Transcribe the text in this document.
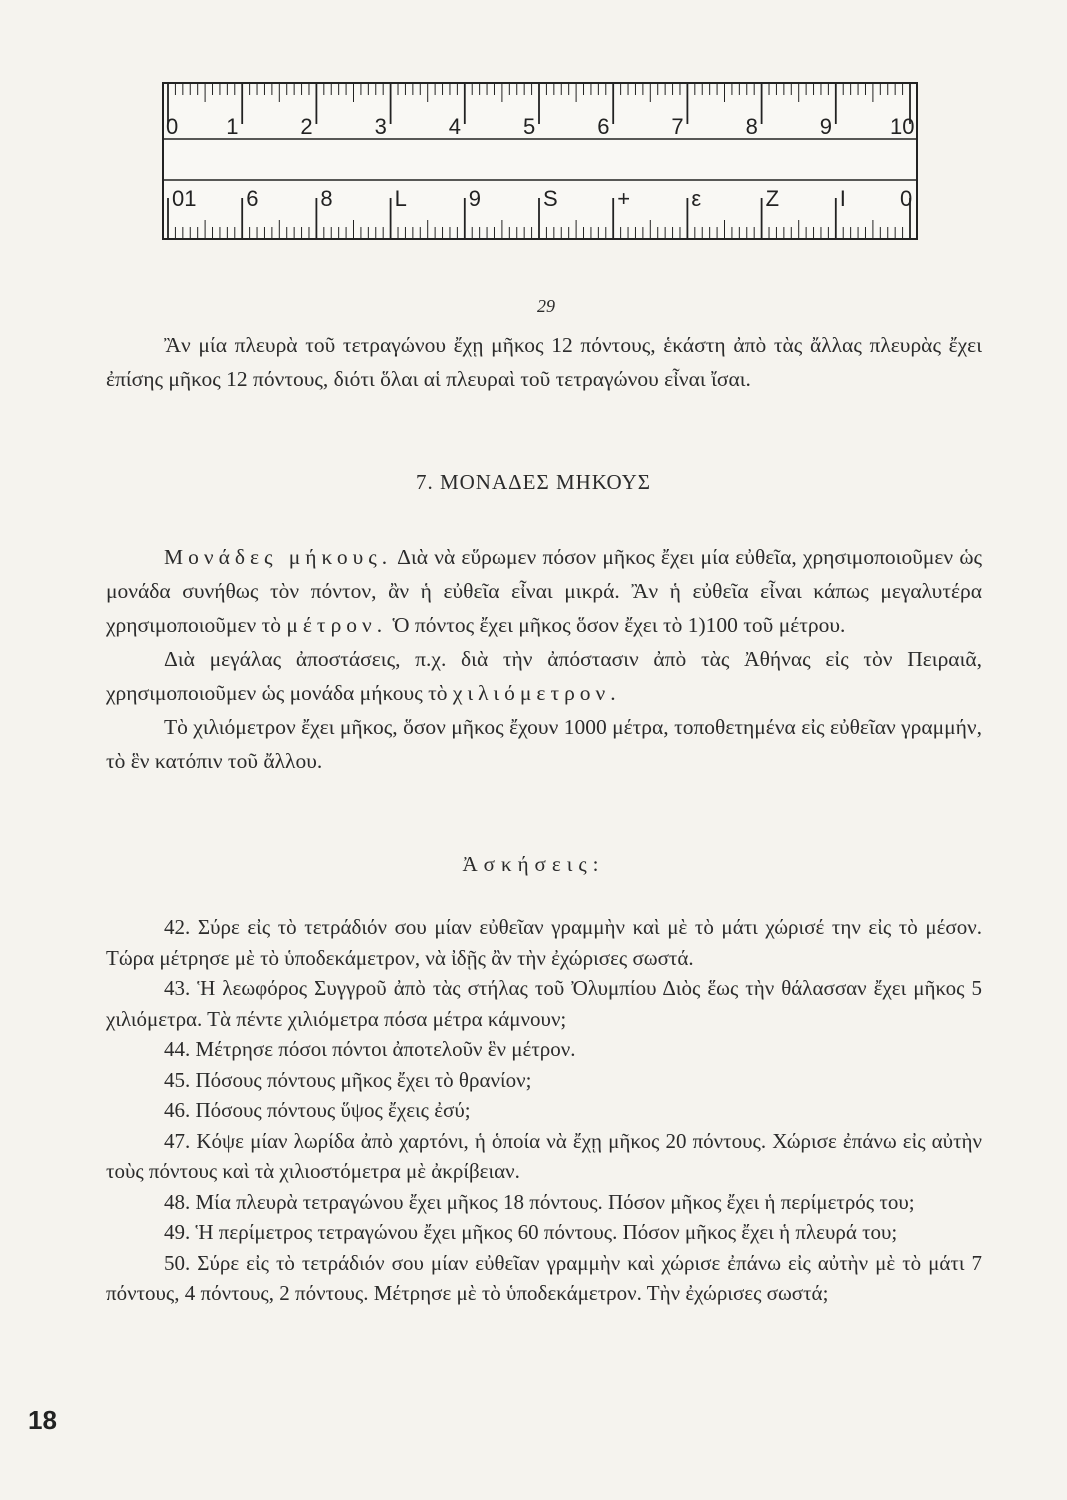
0 1	2	3	4	5	6	7	8	9	10
01 6	8	L	9	S	+	ε	Z	I 0
29

Ἂν μία πλευρὰ τοῦ τετραγώνου ἔχῃ μῆκος 12 πόντους, ἑκάστη ἀπὸ τὰς ἄλλας πλευρὰς ἔχει ἐπίσης μῆκος 12 πόντους, διότι ὅλαι αἱ πλευραὶ τοῦ τετραγώνου εἶναι ἴσαι.

7. ΜΟΝΑΔΕΣ ΜΗΚΟΥΣ

Μονάδες μήκους. Διὰ νὰ εὕρωμεν πόσον μῆκος ἔχει μία εὐθεῖα, χρησιμοποιοῦμεν ὡς μονάδα συνήθως τὸν πόντον, ἂν ἡ εὐθεῖα εἶναι μικρά. Ἂν ἡ εὐθεῖα εἶναι κάπως μεγαλυτέρα χρησιμοποιοῦμεν τὸ μέτρον. Ὁ πόντος ἔχει μῆκος ὅσον ἔχει τὸ 1)100 τοῦ μέτρου.

Διὰ μεγάλας ἀποστάσεις, π.χ. διὰ τὴν ἀπόστασιν ἀπὸ τὰς Ἀθήνας εἰς τὸν Πειραιᾶ, χρησιμοποιοῦμεν ὡς μονάδα μήκους τὸ χιλιόμετρον.

Τὸ χιλιόμετρον ἔχει μῆκος, ὅσον μῆκος ἔχουν 1000 μέτρα, τοποθετημένα εἰς εὐθεῖαν γραμμήν, τὸ ἓν κατόπιν τοῦ ἄλλου.

Ἀσκήσεις:

42. Σύρε εἰς τὸ τετράδιόν σου μίαν εὐθεῖαν γραμμὴν καὶ μὲ τὸ μάτι χώρισέ την εἰς τὸ μέσον. Τώρα μέτρησε μὲ τὸ ὑποδεκάμετρον, νὰ ἰδῇς ἂν τὴν ἐχώρισες σωστά.

43. Ἡ λεωφόρος Συγγροῦ ἀπὸ τὰς στήλας τοῦ Ὀλυμπίου Διὸς ἕως τὴν θάλασσαν ἔχει μῆκος 5 χιλιόμετρα. Τὰ πέντε χιλιόμετρα πόσα μέτρα κάμνουν;

44. Μέτρησε πόσοι πόντοι ἀποτελοῦν ἓν μέτρον.

45. Πόσους πόντους μῆκος ἔχει τὸ θρανίον;

46. Πόσους πόντους ὕψος ἔχεις ἐσύ;

47. Κόψε μίαν λωρίδα ἀπὸ χαρτόνι, ἡ ὁποία νὰ ἔχῃ μῆκος 20 πόντους. Χώρισε ἐπάνω εἰς αὐτὴν τοὺς πόντους καὶ τὰ χιλιοστόμετρα μὲ ἀκρίβειαν.

48. Μία πλευρὰ τετραγώνου ἔχει μῆκος 18 πόντους. Πόσον μῆκος ἔχει ἡ περίμετρός του;

49. Ἡ περίμετρος τετραγώνου ἔχει μῆκος 60 πόντους. Πόσον μῆκος ἔχει ἡ πλευρά του;

50. Σύρε εἰς τὸ τετράδιόν σου μίαν εὐθεῖαν γραμμὴν καὶ χώρισε ἐπάνω εἰς αὐτὴν μὲ τὸ μάτι 7 πόντους, 4 πόντους, 2 πόντους. Μέτρησε μὲ τὸ ὑποδεκάμετρον. Τὴν ἐχώρισες σωστά;

18
